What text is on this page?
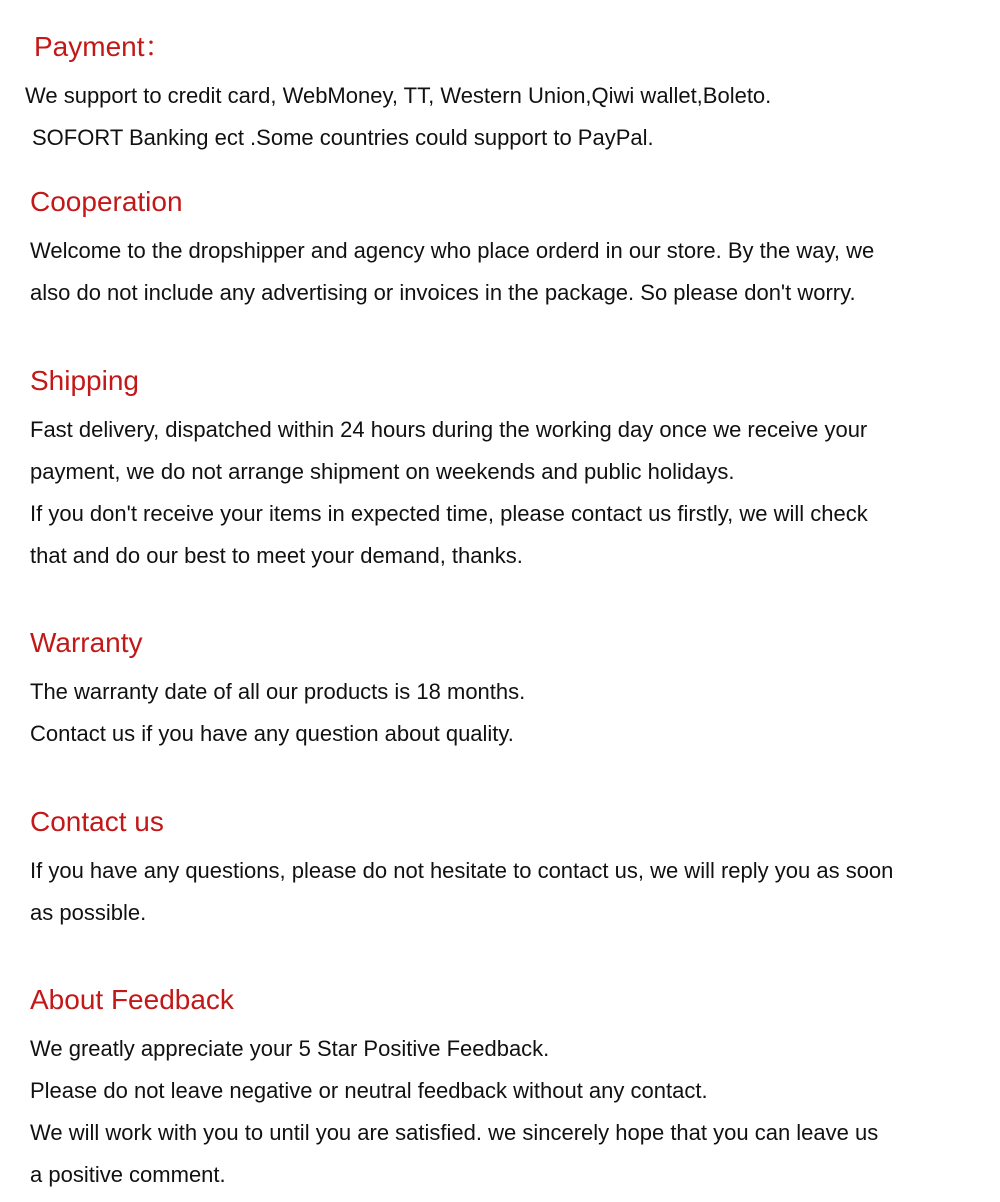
Payment：

We support to credit card, WebMoney, TT, Western Union,Qiwi wallet,Boleto.

SOFORT Banking ect .Some countries could support to PayPal.

Cooperation

Welcome to the dropshipper and agency who place orderd in our store. By the way, we

also do not include any advertising or invoices in the package. So please don't worry.

Shipping

Fast delivery, dispatched within 24 hours during the working day once we receive your

payment, we do not arrange shipment on weekends and public holidays.

If you don't receive your items in expected time, please contact us firstly, we will check

that and do our best to meet your demand, thanks.

Warranty

The warranty date of all our products is 18 months.

Contact us if you have any question about quality.

Contact us

If you have any questions, please do not hesitate to contact us, we will reply you as soon

as possible.

About Feedback

We greatly appreciate your 5 Star Positive Feedback.

Please do not leave negative or neutral feedback without any contact.

We will work with you to until you are satisfied. we sincerely hope that you can leave us

a positive comment.
